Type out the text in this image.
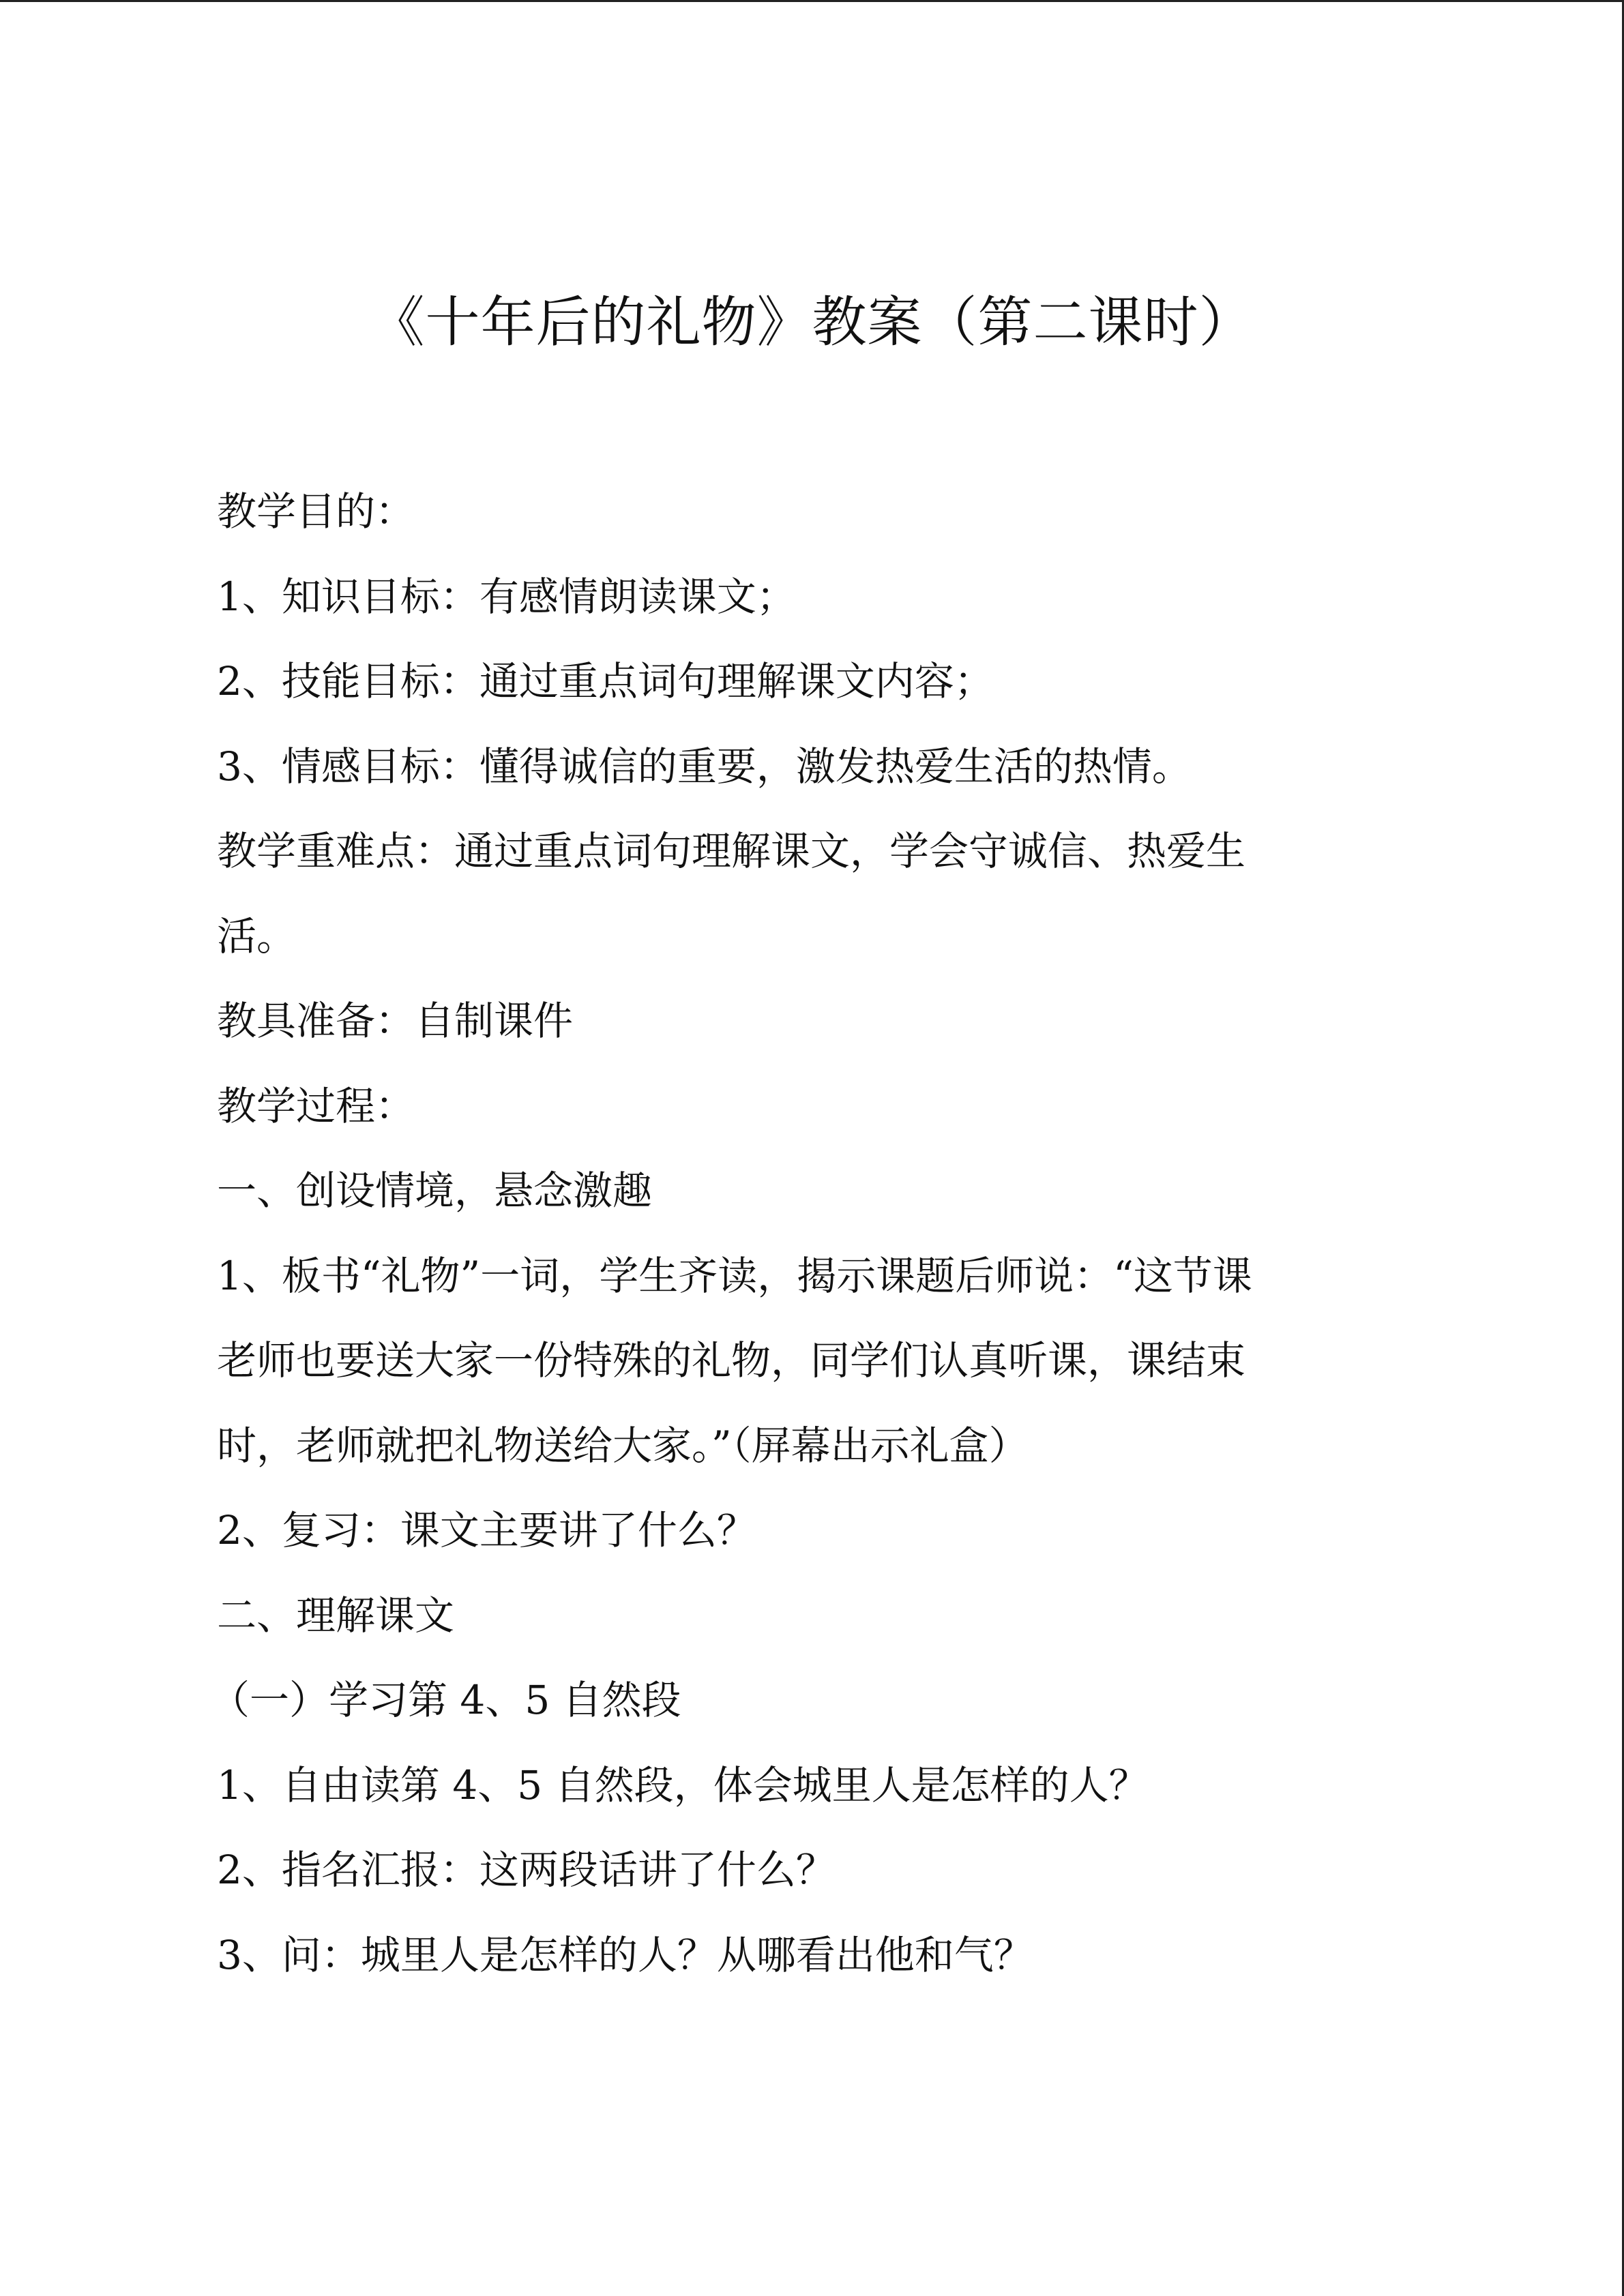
《十年后的礼物》教案（第二课时）
教学目的：
1、知识目标：有感情朗读课文；
2、技能目标：通过重点词句理解课文内容；
3、情感目标：懂得诚信的重要，激发热爱生活的热情。
教学重难点：通过重点词句理解课文，学会守诚信、热爱生
活。
教具准备：自制课件
教学过程：
一、创设情境，悬念激趣
1、板书“礼物”一词，学生齐读，揭示课题后师说：“这节课
老师也要送大家一份特殊的礼物，同学们认真听课，课结束
时，老师就把礼物送给大家。”（屏幕出示礼盒）
2、复习：课文主要讲了什么？
二、理解课文
（一）学习第 4、5 自然段
1、自由读第 4、5 自然段，体会城里人是怎样的人？
2、指名汇报：这两段话讲了什么？
3、问：城里人是怎样的人？从哪看出他和气？
